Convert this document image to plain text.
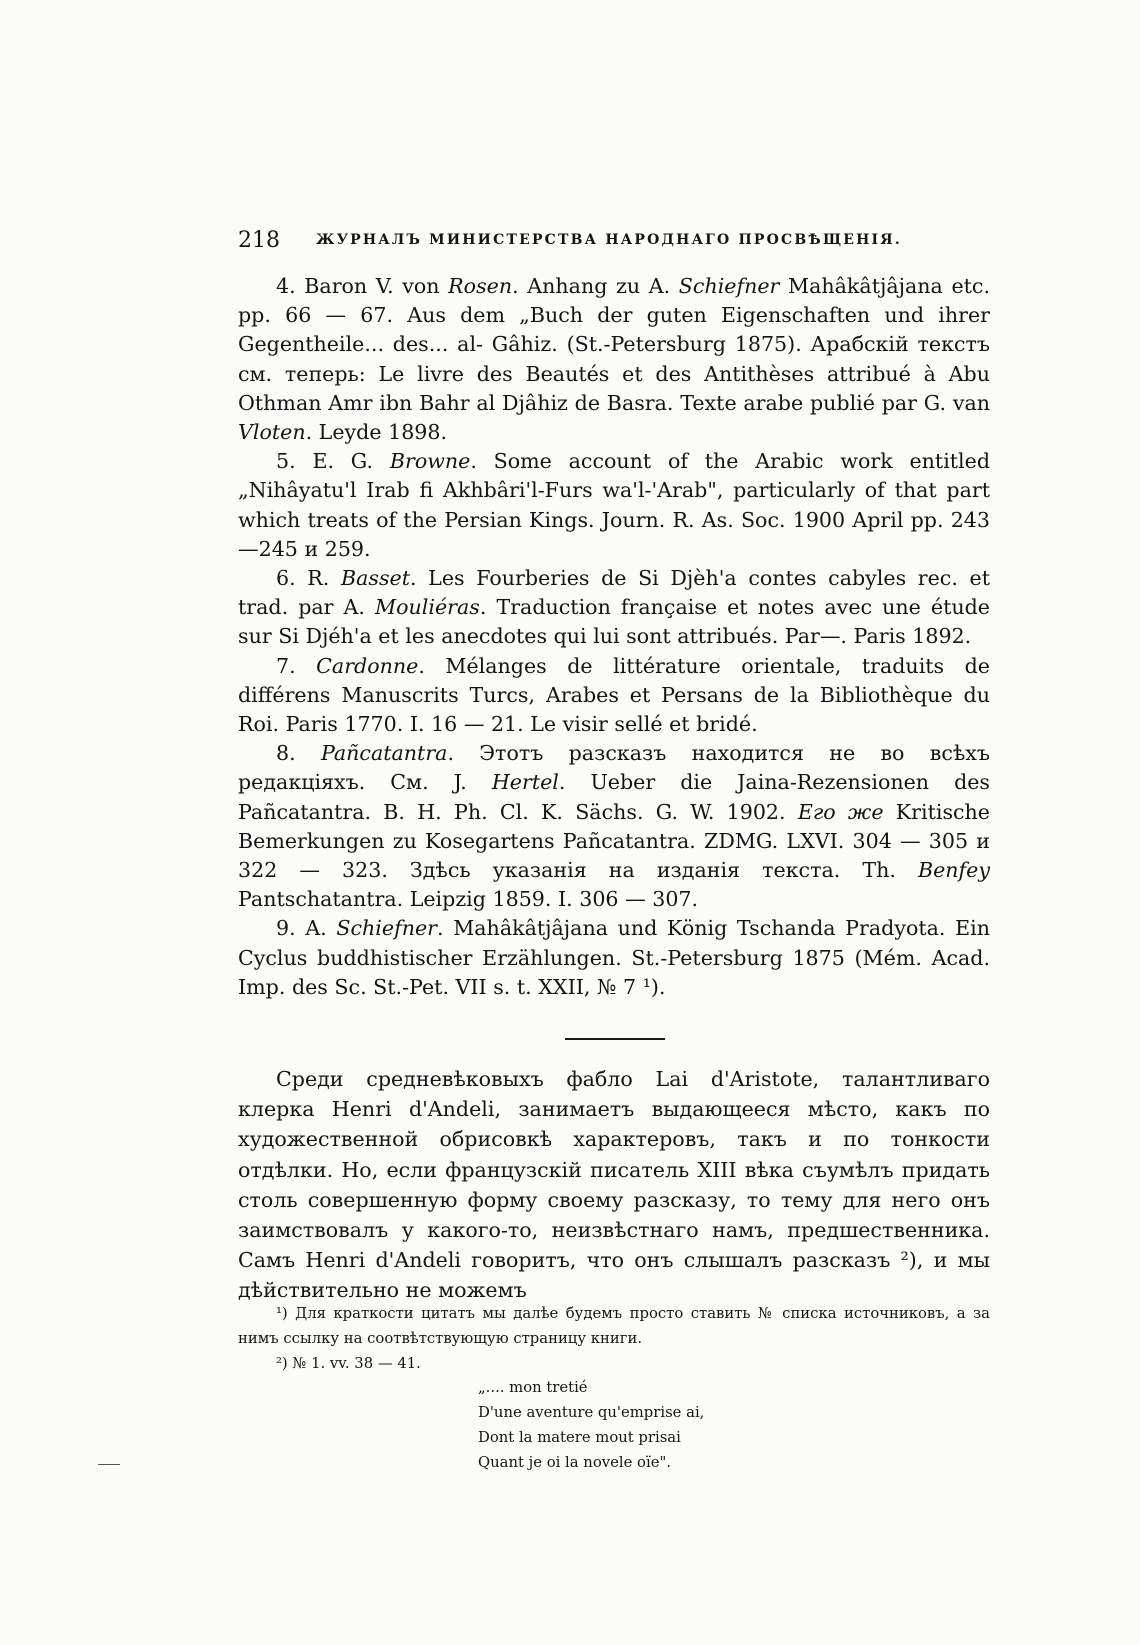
218	ЖУРНАЛЪ МИНИСТЕРСТВА НАРОДНАГО ПРОСВѢЩЕНІЯ.

4. Baron V. von Rosen. Anhang zu A. Schiefner Mahâkâtjâjana etc. pp. 66 — 67. Aus dem „Buch der guten Eigenschaften und ihrer Gegentheile... des... al- Gâhiz. (St.-Petersburg 1875). Арабскій текстъ см. теперь: Le livre des Beautés et des Antithèses attribué à Abu Othman Amr ibn Bahr al Djâhiz de Basra. Texte arabe publié par G. van Vloten. Leyde 1898.

5. E. G. Browne. Some account of the Arabic work entitled „Nihâyatu'l Irab fi Akhbâri'l-Furs wa'l-'Arab", particularly of that part which treats of the Persian Kings. Journ. R. As. Soc. 1900 April pp. 243—245 и 259.

6. R. Basset. Les Fourberies de Si Djèh'a contes cabyles rec. et trad. par A. Mouliéras. Traduction française et notes avec une étude sur Si Djéh'a et les anecdotes qui lui sont attribués. Par—. Paris 1892.

7. Cardonne. Mélanges de littérature orientale, traduits de différens Manuscrits Turcs, Arabes et Persans de la Bibliothèque du Roi. Paris 1770. I. 16 — 21. Le visir sellé et bridé.

8. Pañcatantra. Этотъ разсказъ находится не во всѣхъ редакціяхъ. См. J. Hertel. Ueber die Jaina-Rezensionen des Pañcatantra. B. H. Ph. Cl. K. Sächs. G. W. 1902. Его же Kritische Bemerkungen zu Kosegartens Pañcatantra. ZDMG. LXVI. 304 — 305 и 322 — 323. Здѣсь указанія на изданія текста. Th. Benfey Pantschatantra. Leipzig 1859. I. 306 — 307.

9. A. Schiefner. Mahâkâtjâjana und König Tschanda Pradyota. Ein Cyclus buddhistischer Erzählungen. St.-Petersburg 1875 (Mém. Acad. Imp. des Sc. St.-Pet. VII s. t. XXII, № 7 ¹).

Среди средневѣковыхъ фабло Lai d'Aristote, талантливаго клерка Henri d'Andeli, занимаетъ выдающееся мѣсто, какъ по художественной обрисовкѣ характеровъ, такъ и по тонкости отдѣлки. Но, если французскій писатель XIII вѣка съумѣлъ придать столь совершенную форму своему разсказу, то тему для него онъ заимствовалъ у какого-то, неизвѣстнаго намъ, предшественника. Самъ Henri d'Andeli говоритъ, что онъ слышалъ разсказъ ²), и мы дѣйствительно не можемъ

¹) Для краткости цитатъ мы далѣе будемъ просто ставить № списка источниковъ, а за нимъ ссылку на соотвѣтствующую страницу книги.

²) № 1. vv. 38 — 41.

„.... mon tretié

D'une aventure qu'emprise ai,

Dont la matere mout prisai

Quant je oi la novele oïe".
